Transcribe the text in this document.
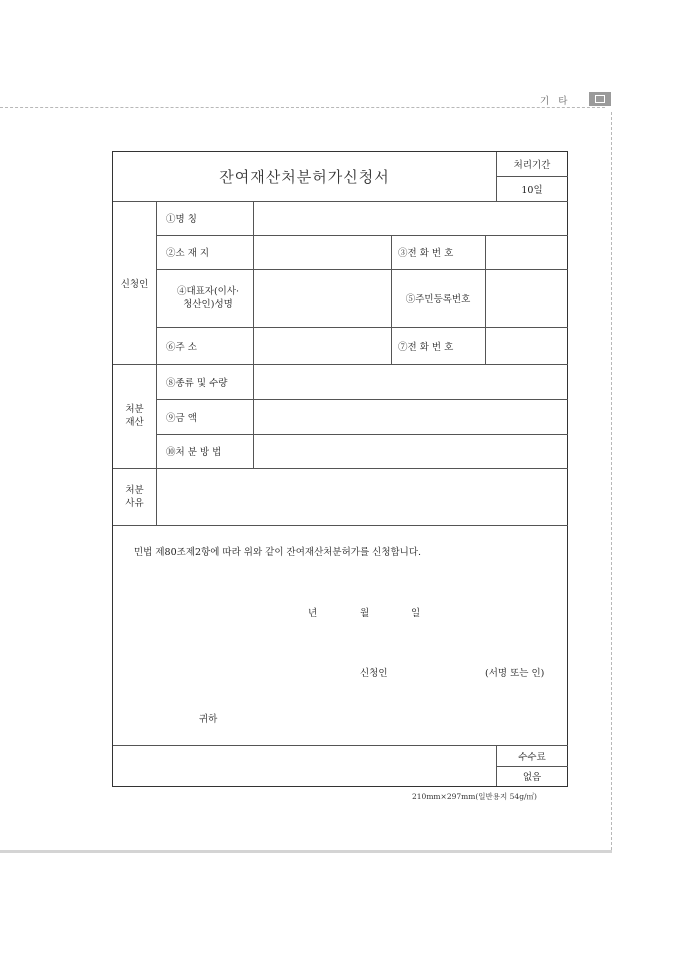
기 타
잔여재산처분허가신청서
처리기간
10일
신청인
①명 칭
②소 재 지	③전 화 번 호
④대표자(이사·
청산인)성명	⑤주민등록번호
⑥주 소	⑦전 화 번 호
처분
재산
⑧종류 및 수량
⑨금 액
⑩처 분 방 법
처분
사유
민법 제80조제2항에 따라 위와 같이 잔여재산처분허가를 신청합니다.
년	월	일
신청인	(서명 또는 인)
귀하
수수료
없음
210mm×297mm(일반용지 54g/㎡)
